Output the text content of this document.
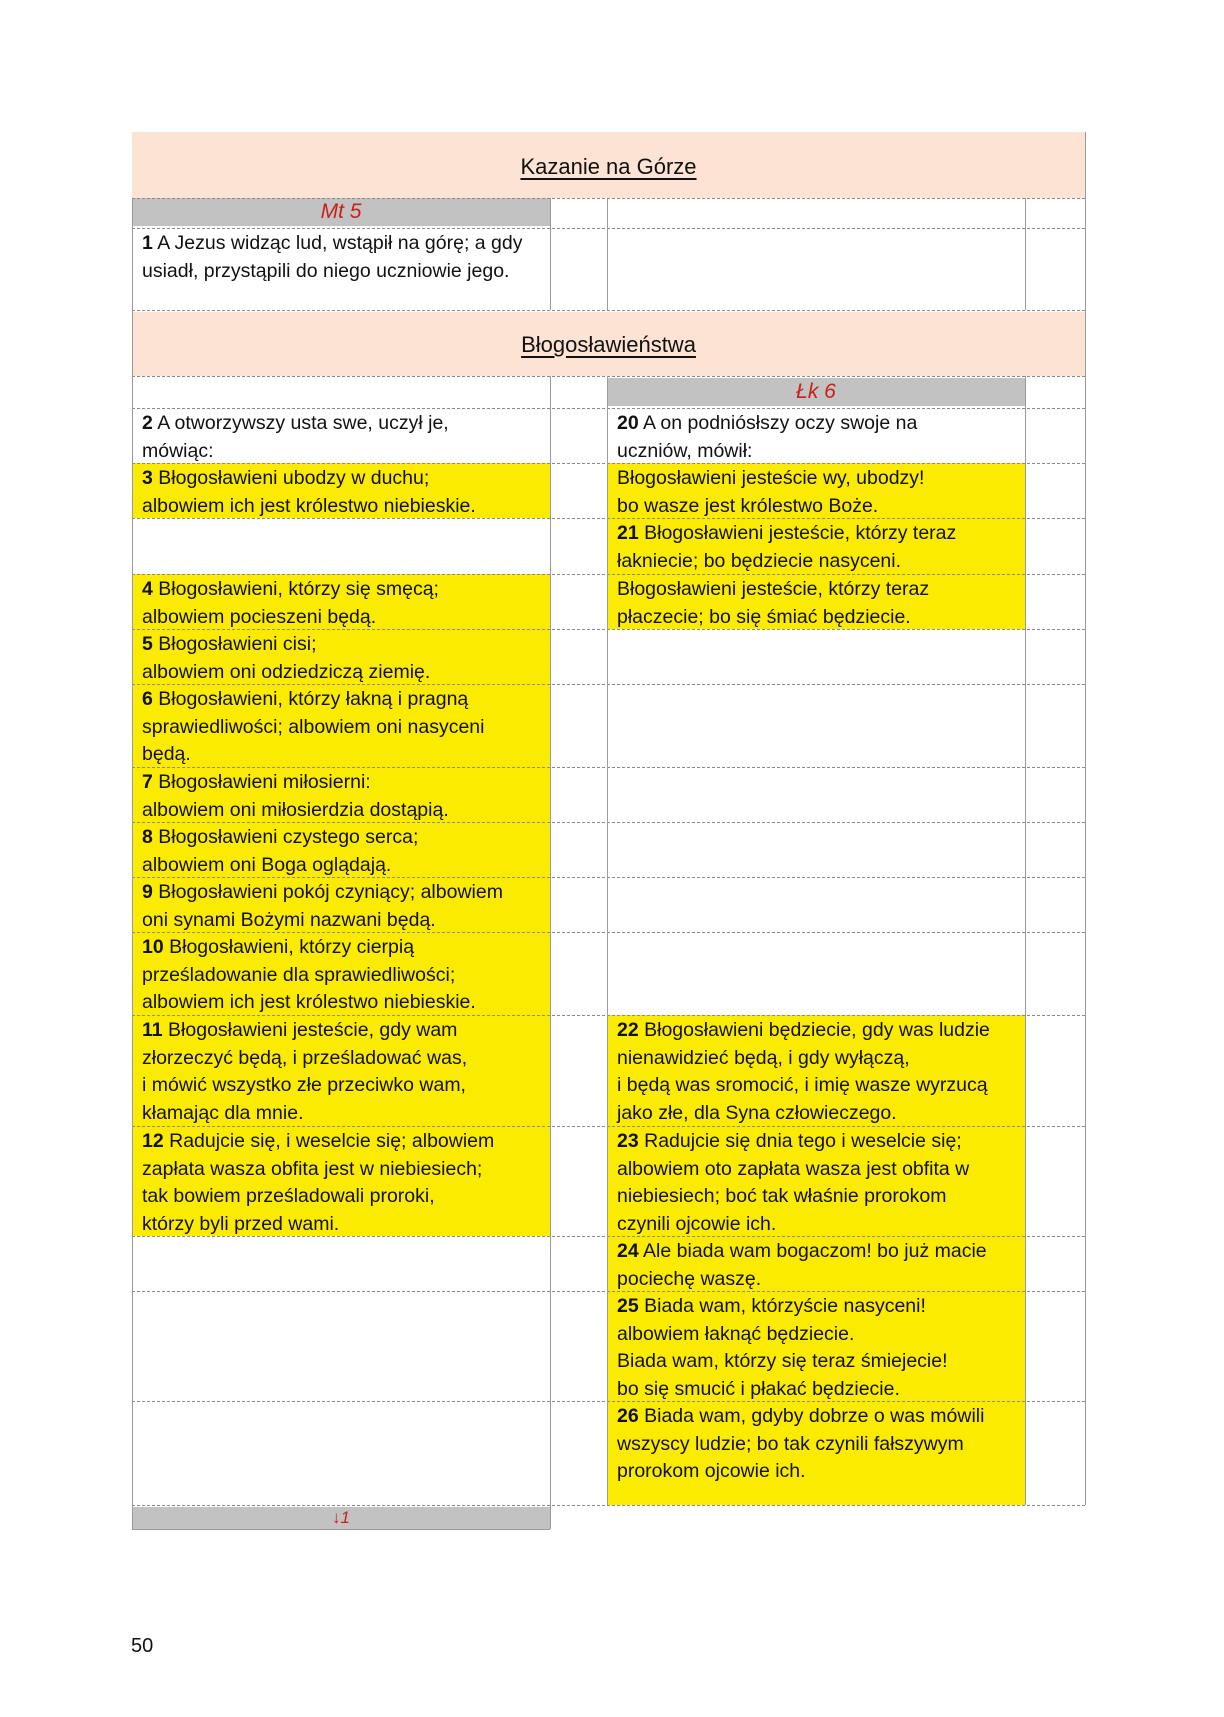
Kazanie na Górze
Mt 5
1 A Jezus widząc lud, wstąpił na górę; a gdy
usiadł, przystąpili do niego uczniowie jego.
Błogosławieństwa
Łk 6
2 A otworzywszy usta swe, uczył je,
mówiąc:
3 Błogosławieni ubodzy w duchu;
albowiem ich jest królestwo niebieskie.
4 Błogosławieni, którzy się smęcą;
albowiem pocieszeni będą.
5 Błogosławieni cisi;
albowiem oni odziedziczą ziemię.
6 Błogosławieni, którzy łakną i pragną
sprawiedliwości; albowiem oni nasyceni
będą.
7 Błogosławieni miłosierni:
albowiem oni miłosierdzia dostąpią.
8 Błogosławieni czystego serca;
albowiem oni Boga oglądają.
9 Błogosławieni pokój czyniący; albowiem
oni synami Bożymi nazwani będą.
10 Błogosławieni, którzy cierpią
prześladowanie dla sprawiedliwości;
albowiem ich jest królestwo niebieskie.
11 Błogosławieni jesteście, gdy wam
złorzeczyć będą, i prześladować was,
i mówić wszystko złe przeciwko wam,
kłamając dla mnie.
12 Radujcie się, i weselcie się; albowiem
zapłata wasza obfita jest w niebiesiech;
tak bowiem prześladowali proroki,
którzy byli przed wami.
20 A on podniósłszy oczy swoje na
uczniów, mówił:
Błogosławieni jesteście wy, ubodzy!
bo wasze jest królestwo Boże.
21 Błogosławieni jesteście, którzy teraz
łakniecie; bo będziecie nasyceni.
Błogosławieni jesteście, którzy teraz
płaczecie; bo się śmiać będziecie.
22 Błogosławieni będziecie, gdy was ludzie
nienawidzieć będą, i gdy wyłączą,
i będą was sromocić, i imię wasze wyrzucą
jako złe, dla Syna człowieczego.
23 Radujcie się dnia tego i weselcie się;
albowiem oto zapłata wasza jest obfita w
niebiesiech; boć tak właśnie prorokom
czynili ojcowie ich.
24 Ale biada wam bogaczom! bo już macie
pociechę waszę.
25 Biada wam, którzyście nasyceni!
albowiem łaknąć będziecie.
Biada wam, którzy się teraz śmiejecie!
bo się smucić i płakać będziecie.
26 Biada wam, gdyby dobrze o was mówili
wszyscy ludzie; bo tak czynili fałszywym
prorokom ojcowie ich.
↓1
50
